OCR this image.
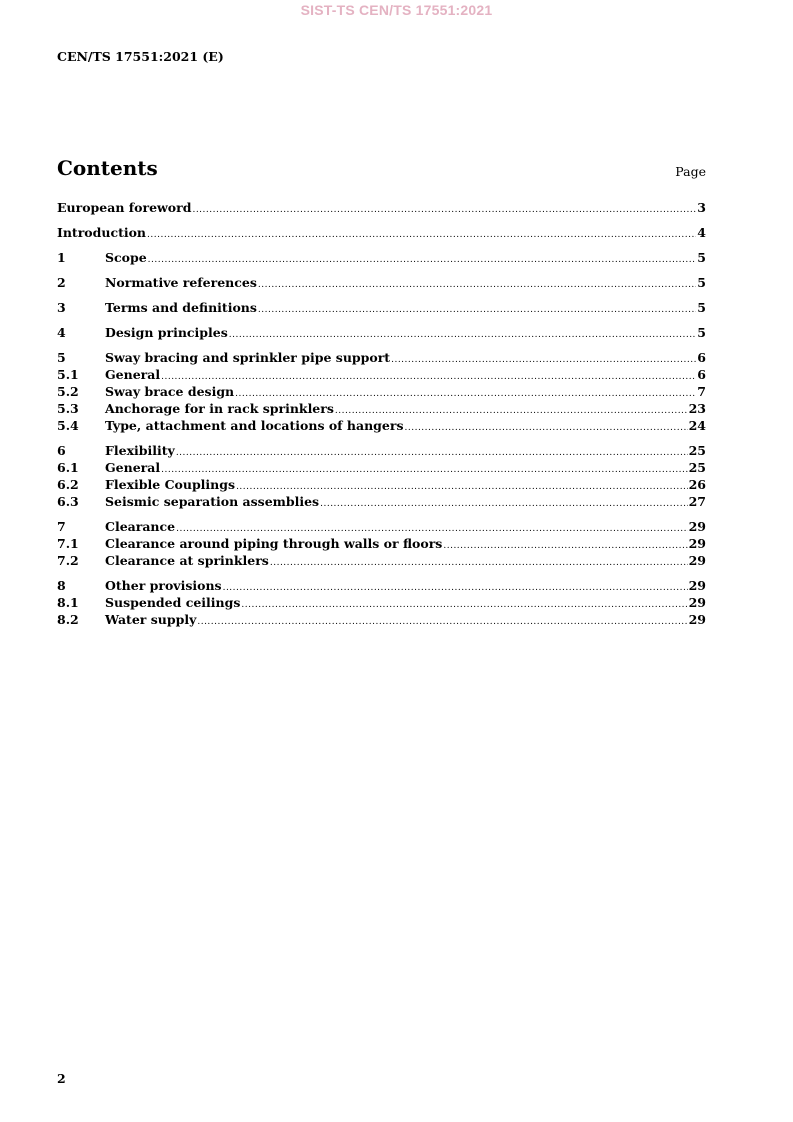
SIST-TS CEN/TS 17551:2021
CEN/TS 17551:2021 (E)
Contents	Page
European foreword .....	3
Introduction .....	4
1	Scope .....	5
2	Normative references .....	5
3	Terms and definitions .....	5
4	Design principles .....	5
5	Sway bracing and sprinkler pipe support .....	6
5.1	General .....	6
5.2	Sway brace design .....	7
5.3	Anchorage for in rack sprinklers .....	23
5.4	Type, attachment and locations of hangers .....	24
6	Flexibility .....	25
6.1	General .....	25
6.2	Flexible Couplings .....	26
6.3	Seismic separation assemblies .....	27
7	Clearance .....	29
7.1	Clearance around piping through walls or floors .....	29
7.2	Clearance at sprinklers .....	29
8	Other provisions .....	29
8.1	Suspended ceilings .....	29
8.2	Water supply .....	29
2
